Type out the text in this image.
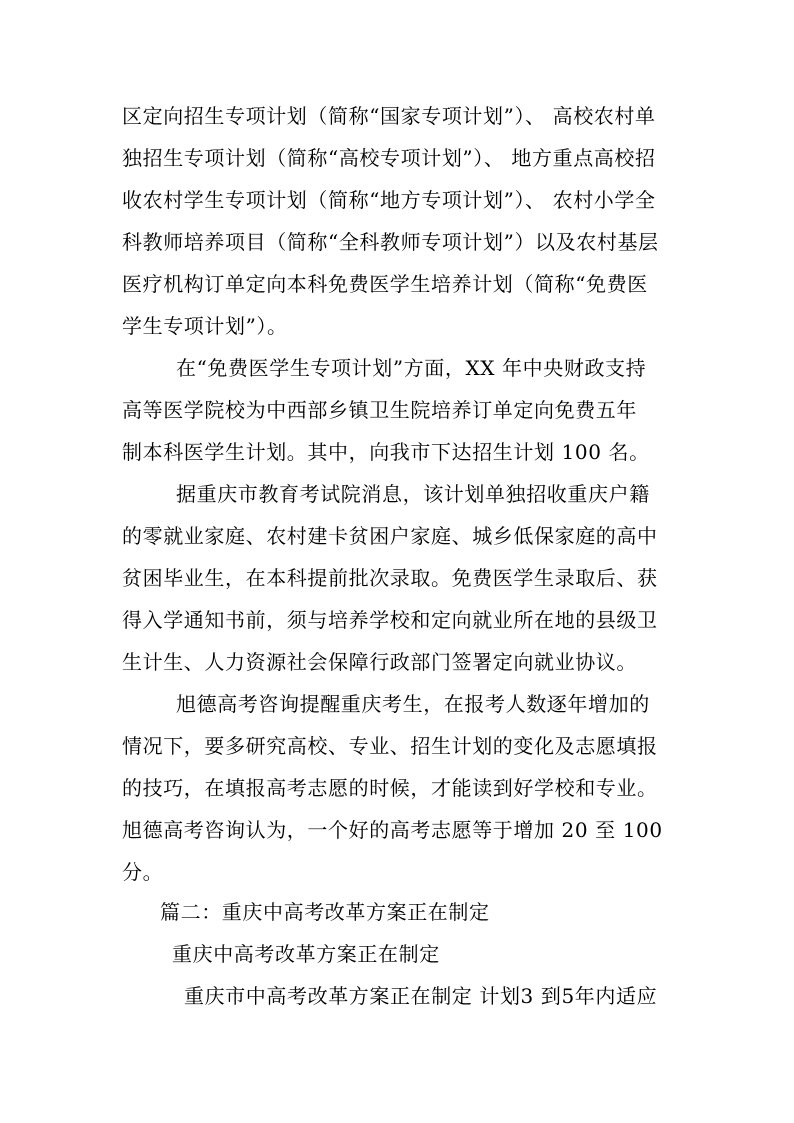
区定向招生专项计划（简称“国家专项计划”）、 高校农村单
独招生专项计划（简称“高校专项计划”）、 地方重点高校招
收农村学生专项计划（简称“地方专项计划”）、 农村小学全
科教师培养项目（简称“全科教师专项计划”）以及农村基层
医疗机构订单定向本科免费医学生培养计划（简称“免费医
学生专项计划”）。
在“免费医学生专项计划”方面，XX 年中央财政支持
高等医学院校为中西部乡镇卫生院培养订单定向免费五年
制本科医学生计划。其中，向我市下达招生计划 100 名。
据重庆市教育考试院消息，该计划单独招收重庆户籍
的零就业家庭、农村建卡贫困户家庭、城乡低保家庭的高中
贫困毕业生，在本科提前批次录取。免费医学生录取后、获
得入学通知书前，须与培养学校和定向就业所在地的县级卫
生计生、人力资源社会保障行政部门签署定向就业协议。
旭德高考咨询提醒重庆考生，在报考人数逐年增加的
情况下，要多研究高校、专业、招生计划的变化及志愿填报
的技巧，在填报高考志愿的时候，才能读到好学校和专业。
旭德高考咨询认为，一个好的高考志愿等于增加 20 至 100
分。
篇二：重庆中高考改革方案正在制定
重庆中高考改革方案正在制定
重庆市中高考改革方案正在制定 计划3 到5年内适应
